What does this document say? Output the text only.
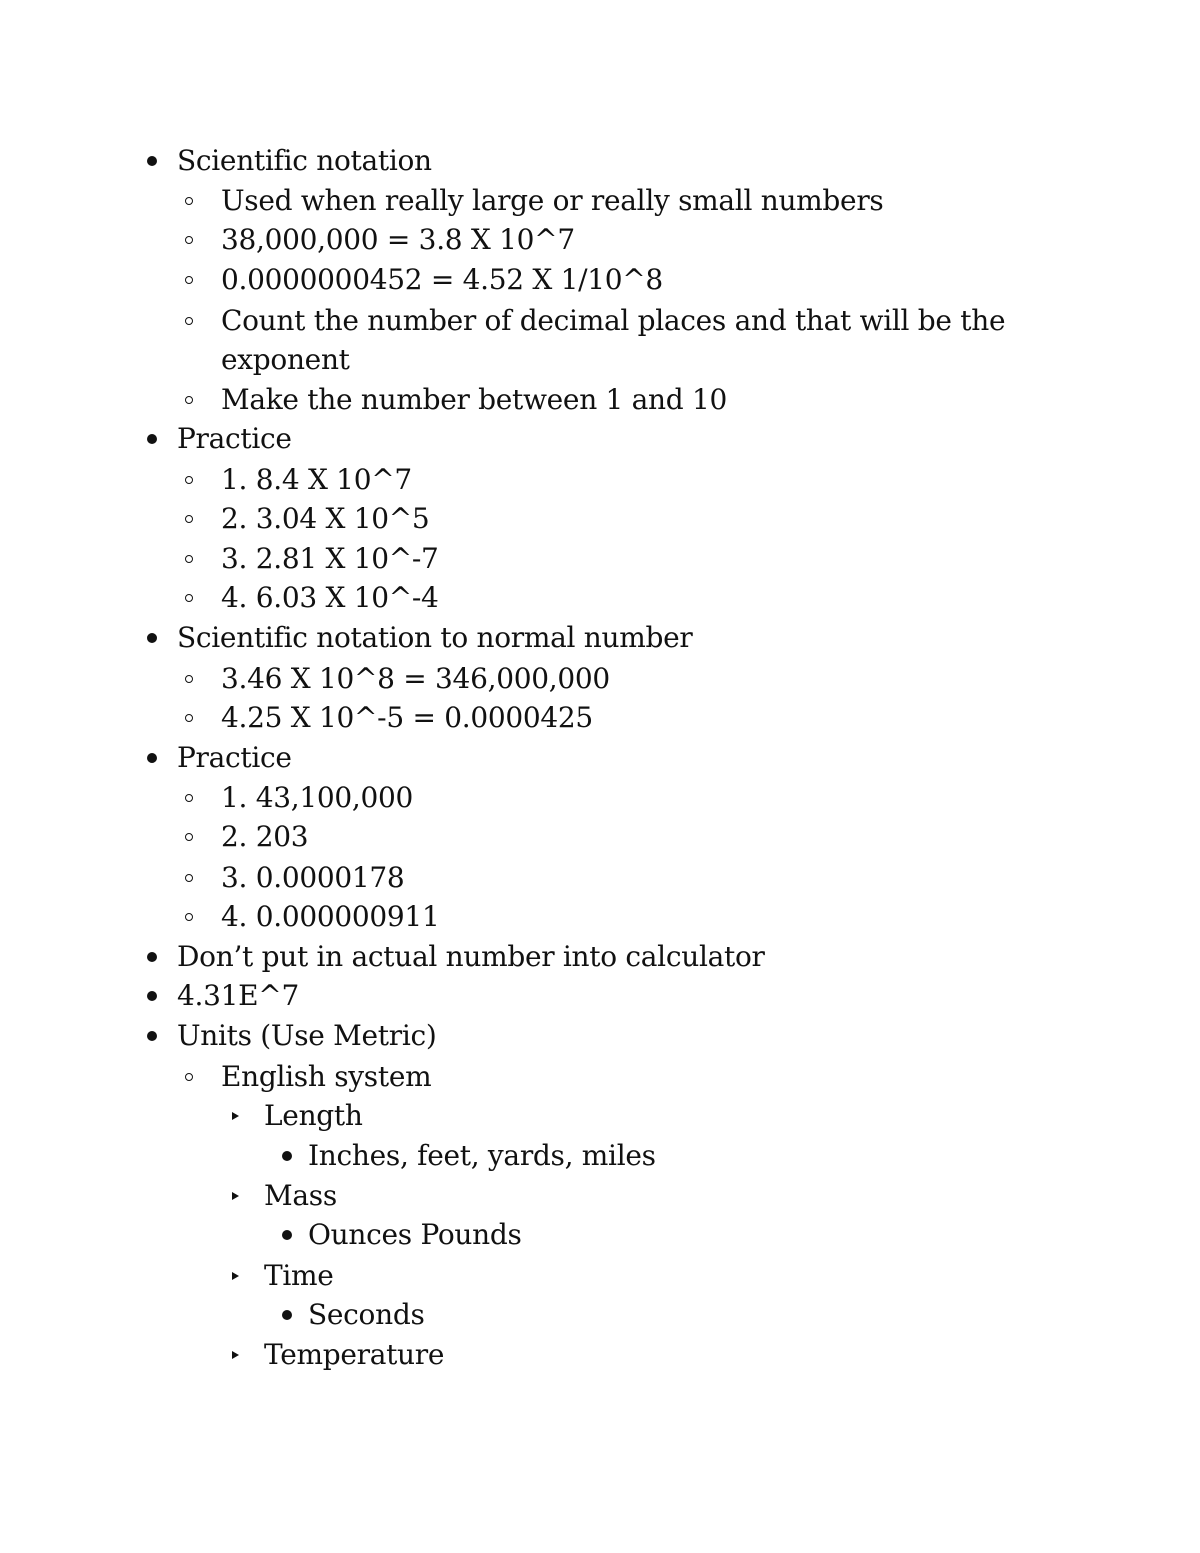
Scientific notation
Used when really large or really small numbers
38,000,000 = 3.8 X 10^7
0.0000000452 = 4.52 X 1/10^8
Count the number of decimal places and that will be the
exponent
Make the number between 1 and 10
Practice
1. 8.4 X 10^7
2. 3.04 X 10^5
3. 2.81 X 10^-7
4. 6.03 X 10^-4
Scientific notation to normal number
3.46 X 10^8 = 346,000,000
4.25 X 10^-5 = 0.0000425
Practice
1. 43,100,000
2. 203
3. 0.0000178
4. 0.000000911
Don’t put in actual number into calculator
4.31E^7
Units (Use Metric)
English system
Length
Inches, feet, yards, miles
Mass
Ounces Pounds
Time
Seconds
Temperature
